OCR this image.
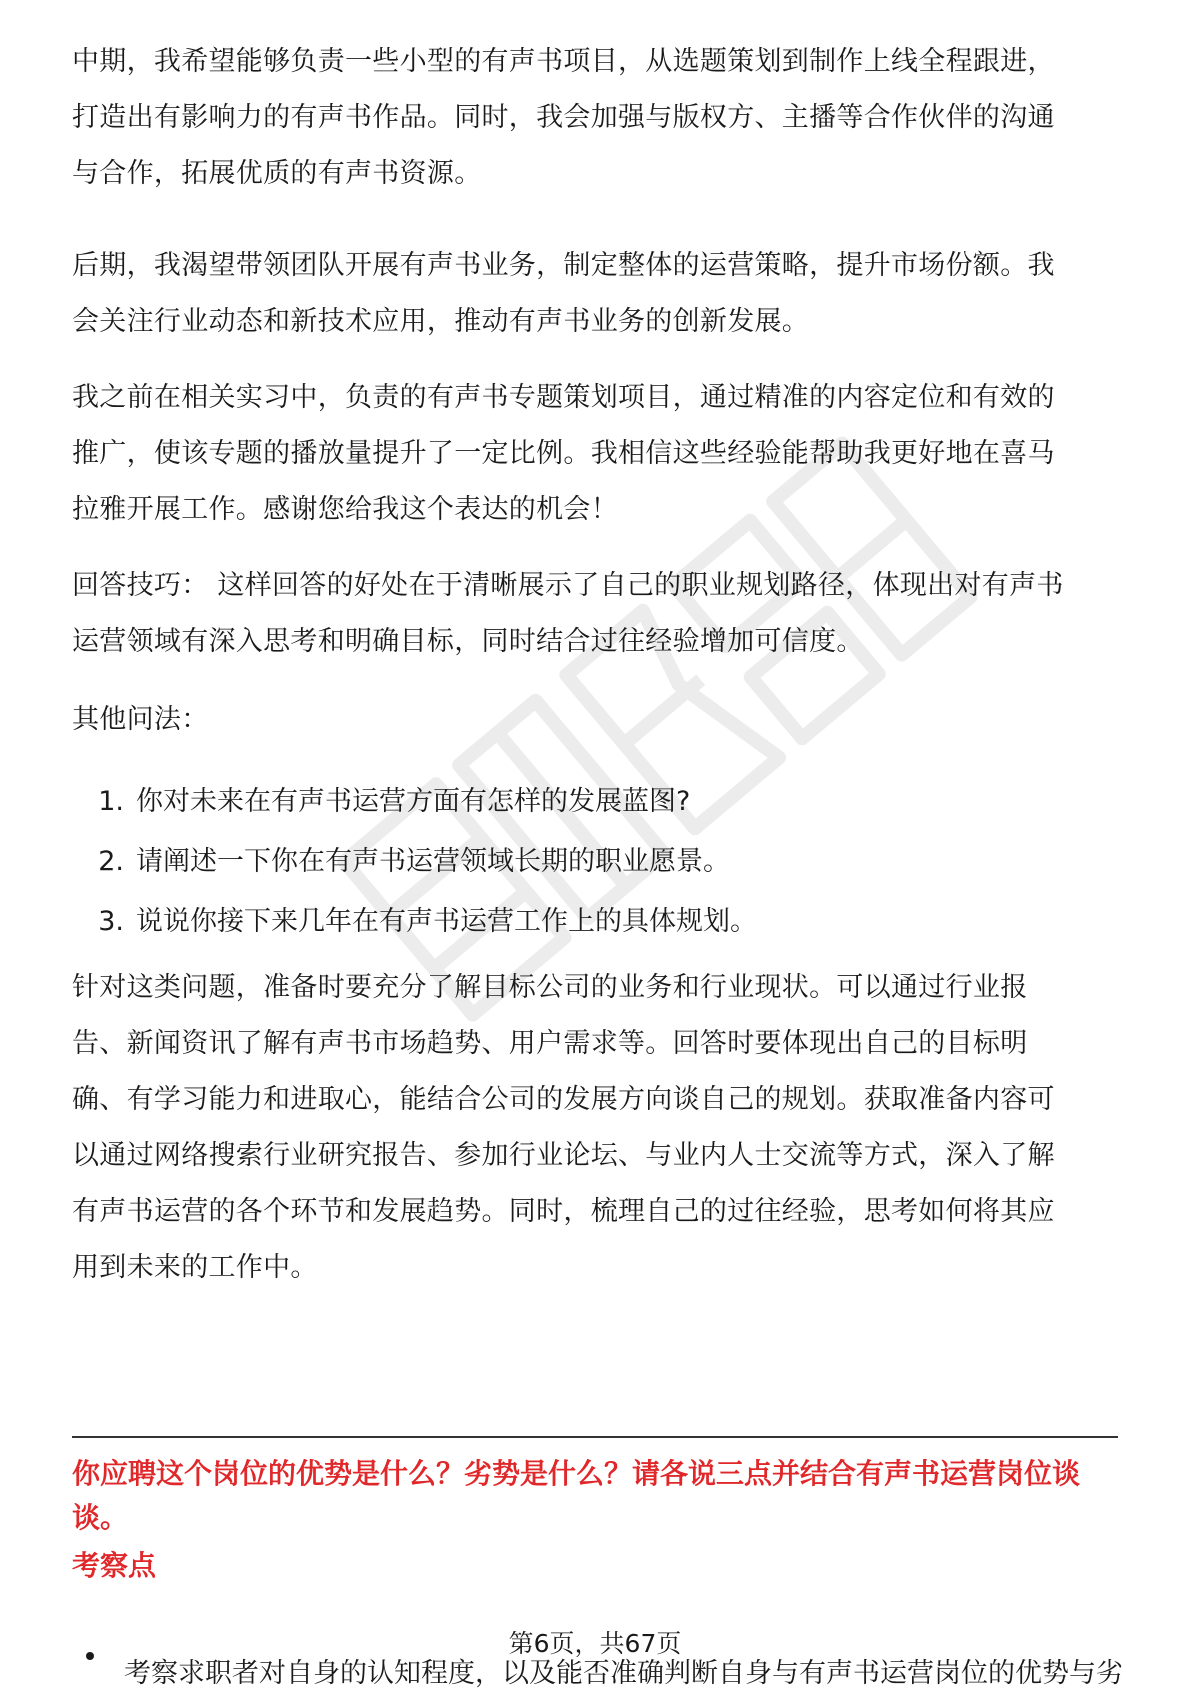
中期，我希望能够负责一些小型的有声书项目，从选题策划到制作上线全程跟进，
打造出有影响力的有声书作品。同时，我会加强与版权方、主播等合作伙伴的沟通
与合作，拓展优质的有声书资源。

后期，我渴望带领团队开展有声书业务，制定整体的运营策略，提升市场份额。我
会关注行业动态和新技术应用，推动有声书业务的创新发展。

我之前在相关实习中，负责的有声书专题策划项目，通过精准的内容定位和有效的
推广，使该专题的播放量提升了一定比例。我相信这些经验能帮助我更好地在喜马
拉雅开展工作。感谢您给我这个表达的机会！

回答技巧： 这样回答的好处在于清晰展示了自己的职业规划路径，体现出对有声书
运营领域有深入思考和明确目标，同时结合过往经验增加可信度。

其他问法：

1. 你对未来在有声书运营方面有怎样的发展蓝图?
2. 请阐述一下你在有声书运营领域长期的职业愿景。
3. 说说你接下来几年在有声书运营工作上的具体规划。

针对这类问题，准备时要充分了解目标公司的业务和行业现状。可以通过行业报
告、新闻资讯了解有声书市场趋势、用户需求等。回答时要体现出自己的目标明
确、有学习能力和进取心，能结合公司的发展方向谈自己的规划。获取准备内容可
以通过网络搜索行业研究报告、参加行业论坛、与业内人士交流等方式，深入了解
有声书运营的各个环节和发展趋势。同时，梳理自己的过往经验，思考如何将其应
用到未来的工作中。

你应聘这个岗位的优势是什么？劣势是什么？请各说三点并结合有声书运营岗位谈
谈。
考察点
考察求职者对自身的认知程度，以及能否准确判断自身与有声书运营岗位的优势与劣
第6页，共67页
